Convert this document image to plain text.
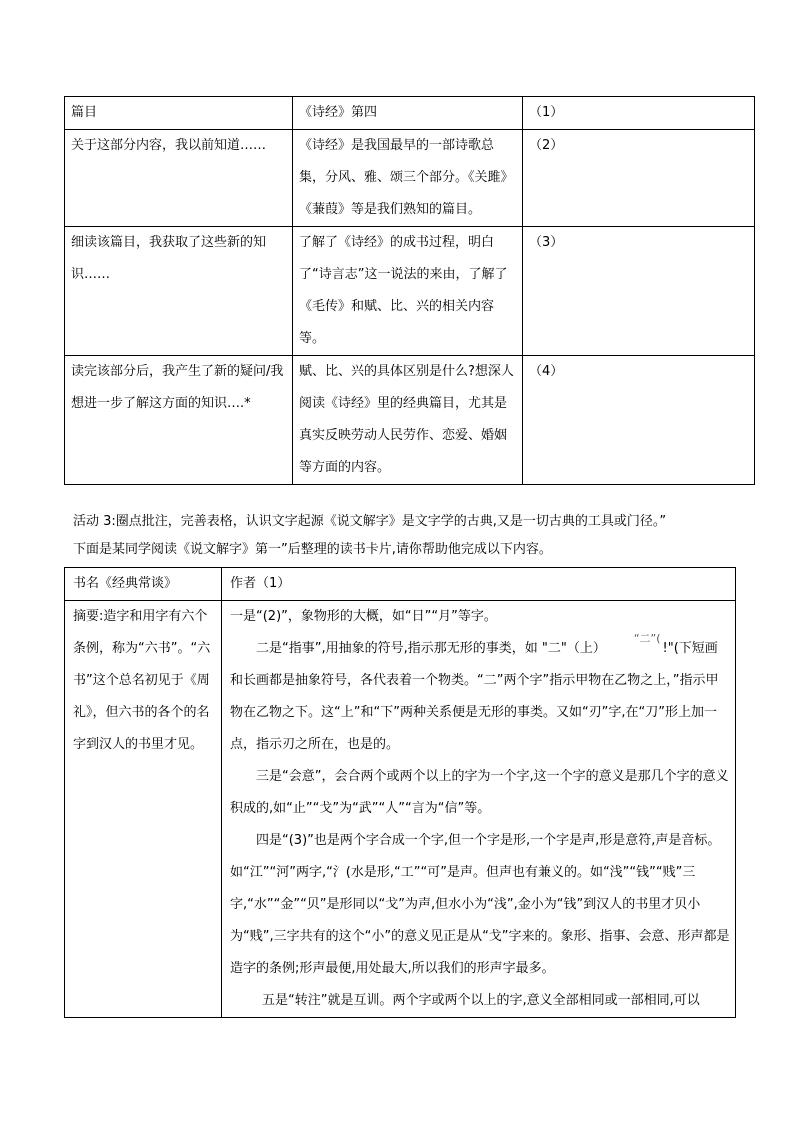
篇目	《诗经》第四	（1）
关于这部分内容，我以前知道……	《诗经》是我国最早的一部诗歌总集，分风、雅、颂三个部分。《关雎》《蒹葭》等是我们熟知的篇目。	（2）
细读该篇目，我获取了这些新的知识……	了解了《诗经》的成书过程，明白了“诗言志”这一说法的来由，了解了《毛传》和赋、比、兴的相关内容等。	（3）
读完该部分后，我产生了新的疑问/我想进一步了解这方面的知识….*	赋、比、兴的具体区别是什么?想深人阅读《诗经》里的经典篇目，尤其是真实反映劳动人民劳作、恋爱、婚姻等方面的内容。	（4）
活动 3:圈点批注，完善表格，认识文字起源《说文解字》是文字学的古典,又是一切古典的工具或门径。”
下面是某同学阅读《说文解字》第一”后整理的读书卡片,请你帮助他完成以下内容。
书名《经典常谈》	作者（1）
摘要:造字和用字有六个条例，称为“六书”。“六书”这个总名初见于《周礼》，但六书的各个的名字到汉人的书里才见。	一是“(2)”，象物形的大概，如“日”“月”等字。

二是“指事”,用抽象的符号,指示那无形的事类，如 "二"（上）“二”(!"(下短画和长画都是抽象符号，各代表着一个物类。“二”两个字”指示甲物在乙物之上，”指示甲物在乙物之下。这“上”和“下”两种关系便是无形的事类。又如“刃”字,在“刀”形上加一点，指示刃之所在，也是的。

三是“会意”，会合两个或两个以上的字为一个字,这一个字的意义是那几个字的意义积成的,如“止”“戈”为“武”“人”“言为“信”等。

四是“(3)”也是两个字合成一个字,但一个字是形,一个字是声,形是意符,声是音标。如“江”“河”两字,“氵(水是形,“工”“可”是声。但声也有兼义的。如“浅”“钱”“贱”三字,“水”“金”“贝”是形同以“戈”为声,但水小为“浅”,金小为“钱”到汉人的书里才贝小为“贱”,三字共有的这个“小”的意义见正是从“戈”字来的。象形、指事、会意、形声都是造字的条例;形声最便,用处最大,所以我们的形声字最多。

五是“转注”就是互训。两个字或两个以上的字,意义全部相同或一部相同,可以
